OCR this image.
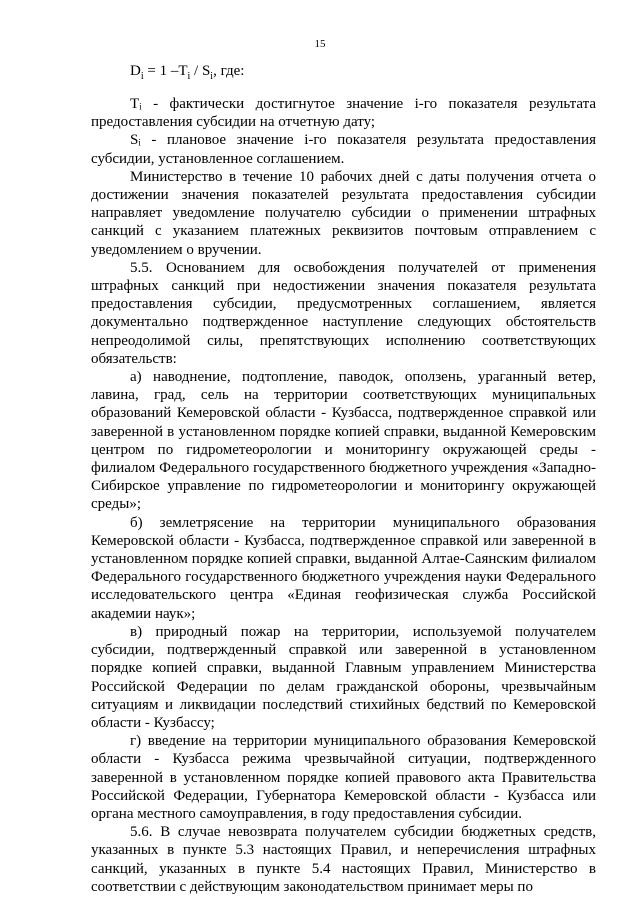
15
$D_i = 1$ $-T_i / S_i$, где:

Tᵢ - фактически достигнутое значение i-го показателя результата предоставления субсидии на отчетную дату;

Sᵢ - плановое значение i-го показателя результата предоставления субсидии, установленное соглашением.

Министерство в течение 10 рабочих дней с даты получения отчета о достижении значения показателей результата предоставления субсидии направляет уведомление получателю субсидии о применении штрафных санкций с указанием платежных реквизитов почтовым отправлением с уведомлением о вручении.

5.5. Основанием для освобождения получателей от применения штрафных санкций при недостижении значения показателя результата предоставления субсидии, предусмотренных соглашением, является документально подтвержденное наступление следующих обстоятельств непреодолимой силы, препятствующих исполнению соответствующих обязательств:

а) наводнение, подтопление, паводок, оползень, ураганный ветер, лавина, град, сель на территории соответствующих муниципальных образований Кемеровской области - Кузбасса, подтвержденное справкой или заверенной в установленном порядке копией справки, выданной Кемеровским центром по гидрометеорологии и мониторингу окружающей среды - филиалом Федерального государственного бюджетного учреждения «Западно-Сибирское управление по гидрометеорологии и мониторингу окружающей среды»;

б) землетрясение на территории муниципального образования Кемеровской области - Кузбасса, подтвержденное справкой или заверенной в установленном порядке копией справки, выданной Алтае-Саянским филиалом Федерального государственного бюджетного учреждения науки Федерального исследовательского центра «Единая геофизическая служба Российской академии наук»;

в) природный пожар на территории, используемой получателем субсидии, подтвержденный справкой или заверенной в установленном порядке копией справки, выданной Главным управлением Министерства Российской Федерации по делам гражданской обороны, чрезвычайным ситуациям и ликвидации последствий стихийных бедствий по Кемеровской области - Кузбассу;

г) введение на территории муниципального образования Кемеровской области - Кузбасса режима чрезвычайной ситуации, подтвержденного заверенной в установленном порядке копией правового акта Правительства Российской Федерации, Губернатора Кемеровской области - Кузбасса или органа местного самоуправления, в году предоставления субсидии.

5.6. В случае невозврата получателем субсидии бюджетных средств, указанных в пункте 5.3 настоящих Правил, и неперечисления штрафных санкций, указанных в пункте 5.4 настоящих Правил, Министерство в соответствии с действующим законодательством принимает меры по
